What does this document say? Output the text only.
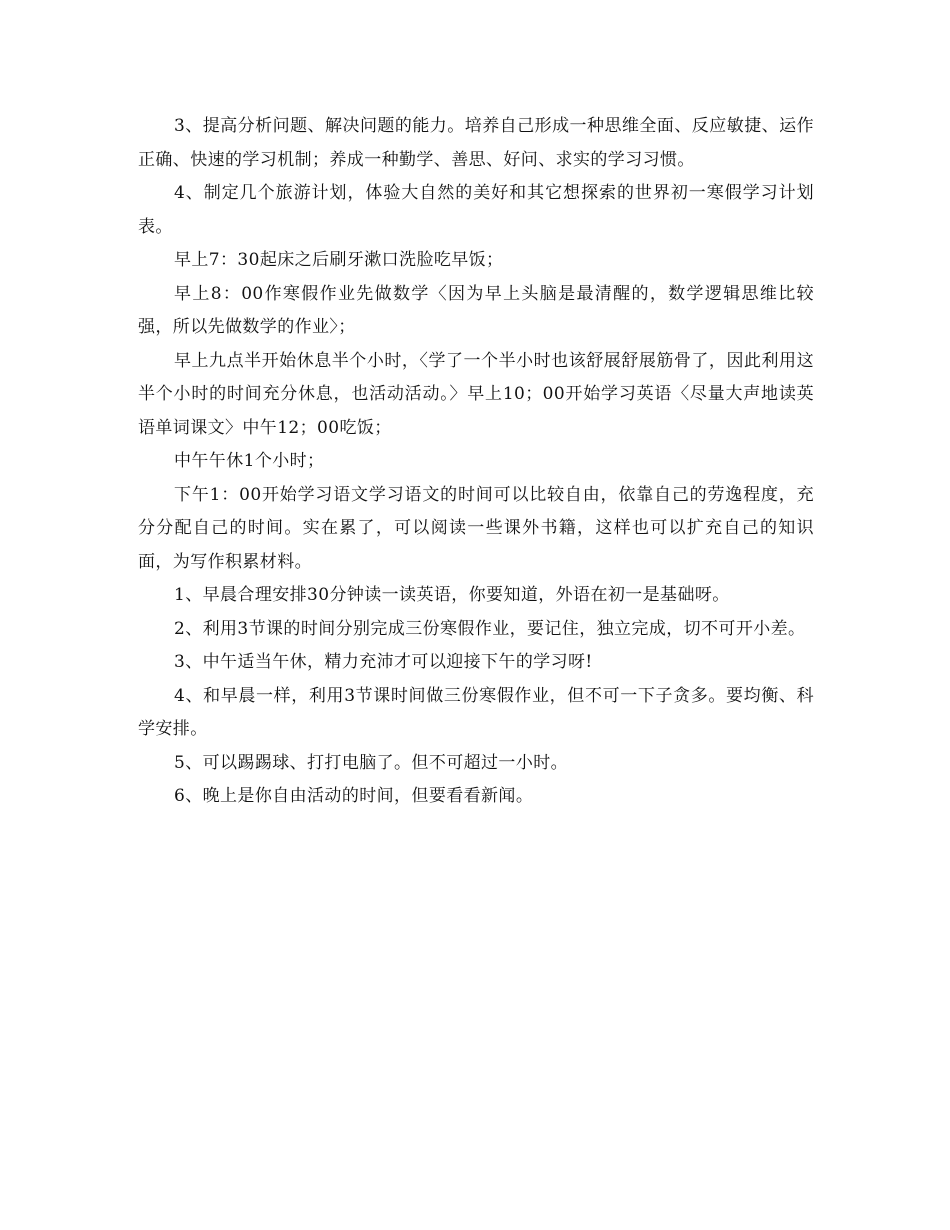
3、提高分析问题、解决问题的能力。培养自己形成一种思维全面、反应敏捷、运作正确、快速的学习机制；养成一种勤学、善思、好问、求实的学习习惯。

4、制定几个旅游计划，体验大自然的美好和其它想探索的世界初一寒假学习计划表。

早上7：30起床之后刷牙漱口洗脸吃早饭；

早上8：00作寒假作业先做数学〈因为早上头脑是最清醒的，数学逻辑思维比较强，所以先做数学的作业〉；

早上九点半开始休息半个小时，〈学了一个半小时也该舒展舒展筋骨了，因此利用这半个小时的时间充分休息，也活动活动。〉早上10；00开始学习英语〈尽量大声地读英语单词课文〉中午12；00吃饭；

中午午休1个小时；

下午1：00开始学习语文学习语文的时间可以比较自由，依靠自己的劳逸程度，充分分配自己的时间。实在累了，可以阅读一些课外书籍，这样也可以扩充自己的知识面，为写作积累材料。

1、早晨合理安排30分钟读一读英语，你要知道，外语在初一是基础呀。

2、利用3节课的时间分别完成三份寒假作业，要记住，独立完成，切不可开小差。

3、中午适当午休，精力充沛才可以迎接下午的学习呀!

4、和早晨一样，利用3节课时间做三份寒假作业，但不可一下子贪多。要均衡、科学安排。

5、可以踢踢球、打打电脑了。但不可超过一小时。

6、晚上是你自由活动的时间，但要看看新闻。
